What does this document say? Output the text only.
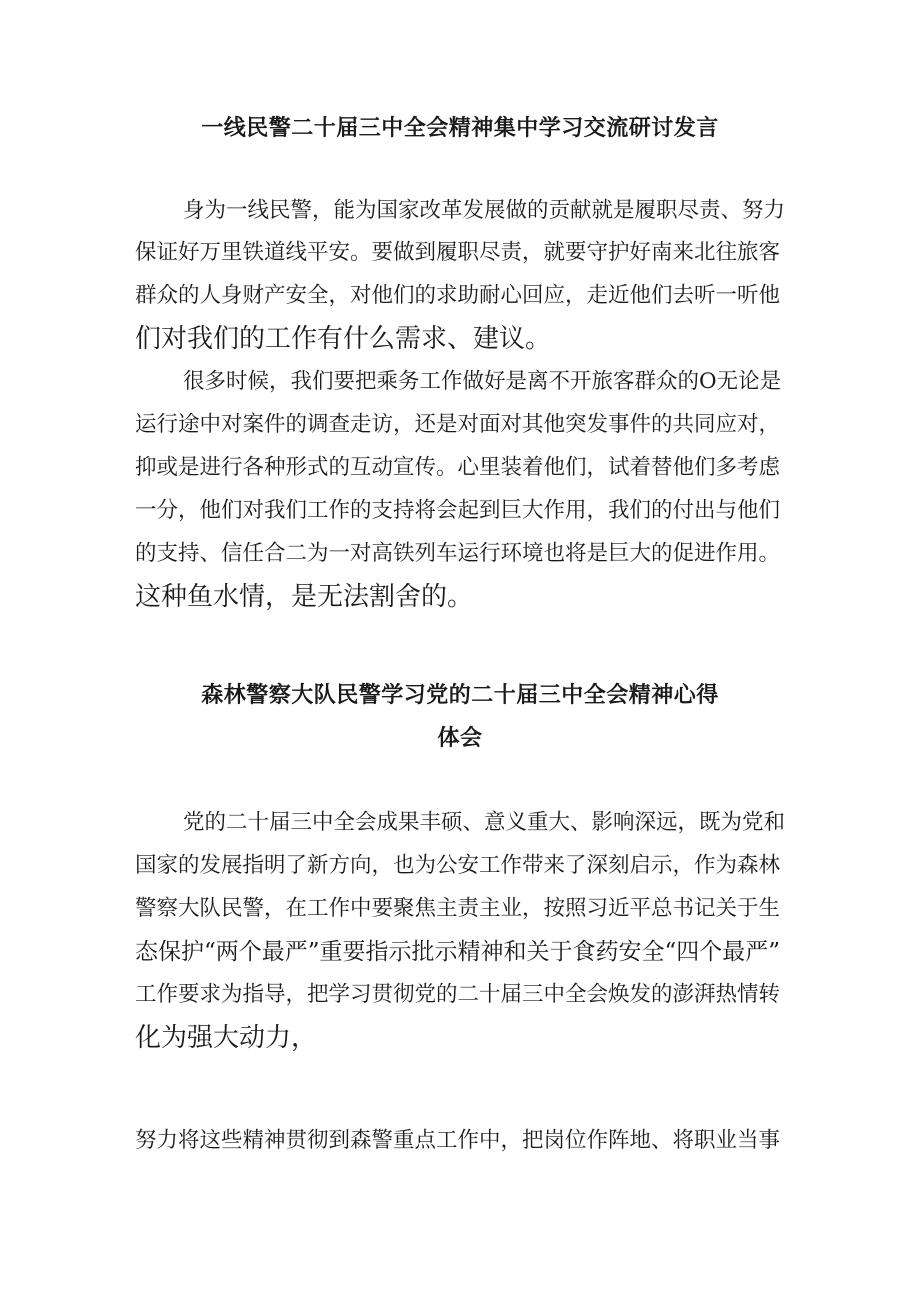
一线民警二十届三中全会精神集中学习交流研讨发言
身为一线民警，能为国家改革发展做的贡献就是履职尽责、努力
保证好万里铁道线平安。要做到履职尽责，就要守护好南来北往旅客
群众的人身财产安全，对他们的求助耐心回应，走近他们去听一听他
们对我们的工作有什么需求、建议。
很多时候，我们要把乘务工作做好是离不开旅客群众的O无论是
运行途中对案件的调查走访，还是对面对其他突发事件的共同应对，
抑或是进行各种形式的互动宣传。心里装着他们，试着替他们多考虑
一分，他们对我们工作的支持将会起到巨大作用，我们的付出与他们
的支持、信任合二为一对高铁列车运行环境也将是巨大的促进作用。
这种鱼水情，是无法割舍的。
森林警察大队民警学习党的二十届三中全会精神心得
体会
党的二十届三中全会成果丰硕、意义重大、影响深远，既为党和
国家的发展指明了新方向，也为公安工作带来了深刻启示，作为森林
警察大队民警，在工作中要聚焦主责主业，按照习近平总书记关于生
态保护“两个最严”重要指示批示精神和关于食药安全“四个最严”
工作要求为指导，把学习贯彻党的二十届三中全会焕发的澎湃热情转
化为强大动力，
努力将这些精神贯彻到森警重点工作中，把岗位作阵地、将职业当事
